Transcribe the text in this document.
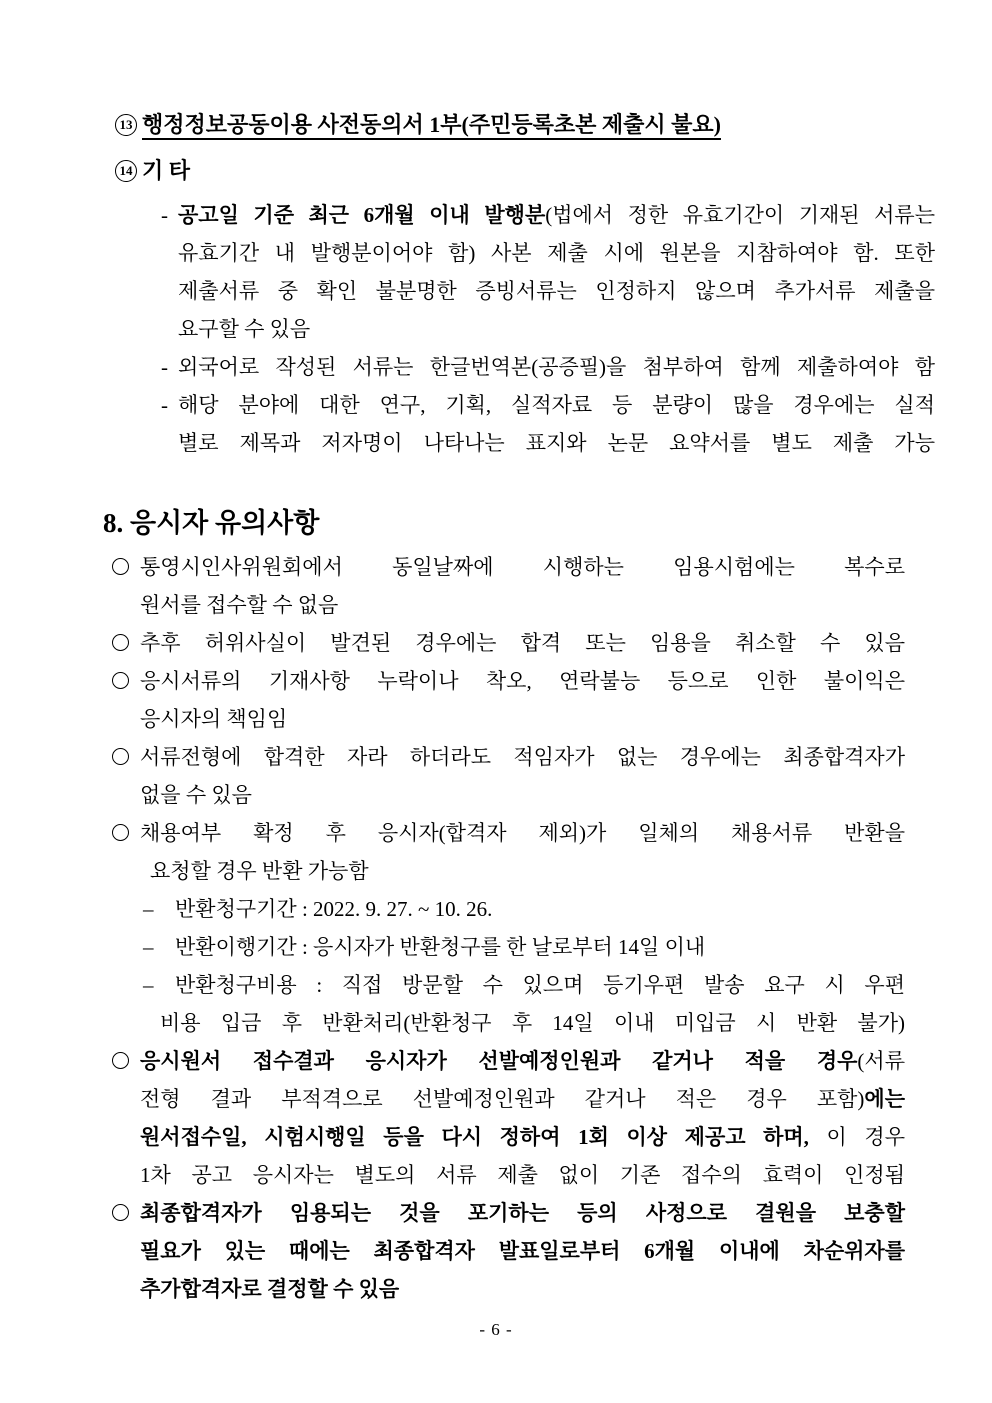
13 행정정보공동이용 사전동의서 1부(주민등록초본 제출시 불요)
14 기 타
- 공고일 기준 최근 6개월 이내 발행분(법에서 정한 유효기간이 기재된 서류는
유효기간 내 발행분이어야 함) 사본 제출 시에 원본을 지참하여야 함. 또한
제출서류 중 확인 불분명한 증빙서류는 인정하지 않으며 추가서류 제출을
요구할 수 있음
- 외국어로 작성된 서류는 한글번역본(공증필)을 첨부하여 함께 제출하여야 함
- 해당 분야에 대한 연구, 기획, 실적자료 등 분량이 많을 경우에는 실적
별로 제목과 저자명이 나타나는 표지와 논문 요약서를 별도 제출 가능
8. 응시자 유의사항
통영시인사위원회에서 동일날짜에 시행하는 임용시험에는 복수로
원서를 접수할 수 없음
추후 허위사실이 발견된 경우에는 합격 또는 임용을 취소할 수 있음
응시서류의 기재사항 누락이나 착오, 연락불능 등으로 인한 불이익은
응시자의 책임임
서류전형에 합격한 자라 하더라도 적임자가 없는 경우에는 최종합격자가
없을 수 있음
채용여부 확정 후 응시자(합격자 제외)가 일체의 채용서류 반환을
요청할 경우 반환 가능함
– 반환청구기간 : 2022. 9. 27. ~ 10. 26.
– 반환이행기간 : 응시자가 반환청구를 한 날로부터 14일 이내
– 반환청구비용 : 직접 방문할 수 있으며 등기우편 발송 요구 시 우편
비용 입금 후 반환처리(반환청구 후 14일 이내 미입금 시 반환 불가)
응시원서 접수결과 응시자가 선발예정인원과 같거나 적을 경우(서류
전형 결과 부적격으로 선발예정인원과 같거나 적은 경우 포함)에는
원서접수일, 시험시행일 등을 다시 정하여 1회 이상 제공고 하며, 이 경우
1차 공고 응시자는 별도의 서류 제출 없이 기존 접수의 효력이 인정됨
최종합격자가 임용되는 것을 포기하는 등의 사정으로 결원을 보충할
필요가 있는 때에는 최종합격자 발표일로부터 6개월 이내에 차순위자를
추가합격자로 결정할 수 있음
- 6 -
